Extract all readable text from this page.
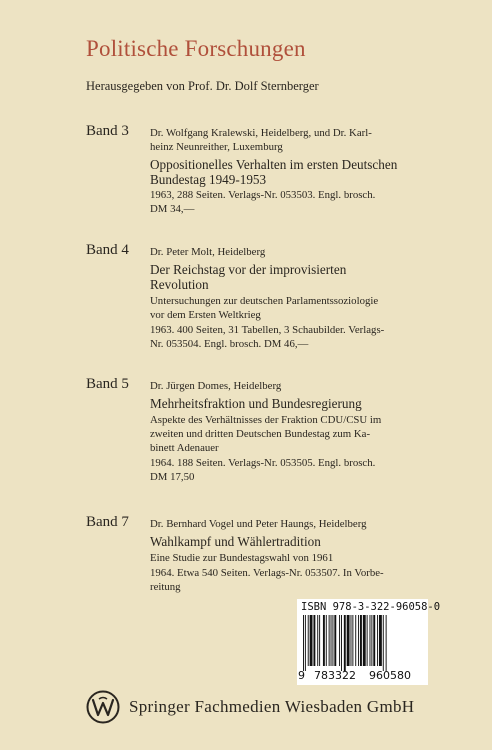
Politische Forschungen
Herausgegeben von Prof. Dr. Dolf Sternberger
Band 3 Dr. Wolfgang Kralewski, Heidelberg, und Dr. Karl-
heinz Neunreither, Luxemburg
Oppositionelles Verhalten im ersten Deutschen
Bundestag 1949-1953
1963, 288 Seiten. Verlags-Nr. 053503. Engl. brosch.
DM 34,—
Band 4 Dr. Peter Molt, Heidelberg
Der Reichstag vor der improvisierten
Revolution
Untersuchungen zur deutschen Parlamentssoziologie
vor dem Ersten Weltkrieg
1963. 400 Seiten, 31 Tabellen, 3 Schaubilder. Verlags-
Nr. 053504. Engl. brosch. DM 46,—
Band 5 Dr. Jürgen Domes, Heidelberg
Mehrheitsfraktion und Bundesregierung
Aspekte des Verhältnisses der Fraktion CDU/CSU im
zweiten und dritten Deutschen Bundestag zum Ka-
binett Adenauer
1964. 188 Seiten. Verlags-Nr. 053505. Engl. brosch.
DM 17,50
Band 7 Dr. Bernhard Vogel und Peter Haungs, Heidelberg
Wahlkampf und Wählertradition
Eine Studie zur Bundestagswahl von 1961
1964. Etwa 540 Seiten. Verlags-Nr. 053507. In Vorbe-
reitung
ISBN 978-3-322-96058-0
9 783322 960580
Springer Fachmedien Wiesbaden GmbH
